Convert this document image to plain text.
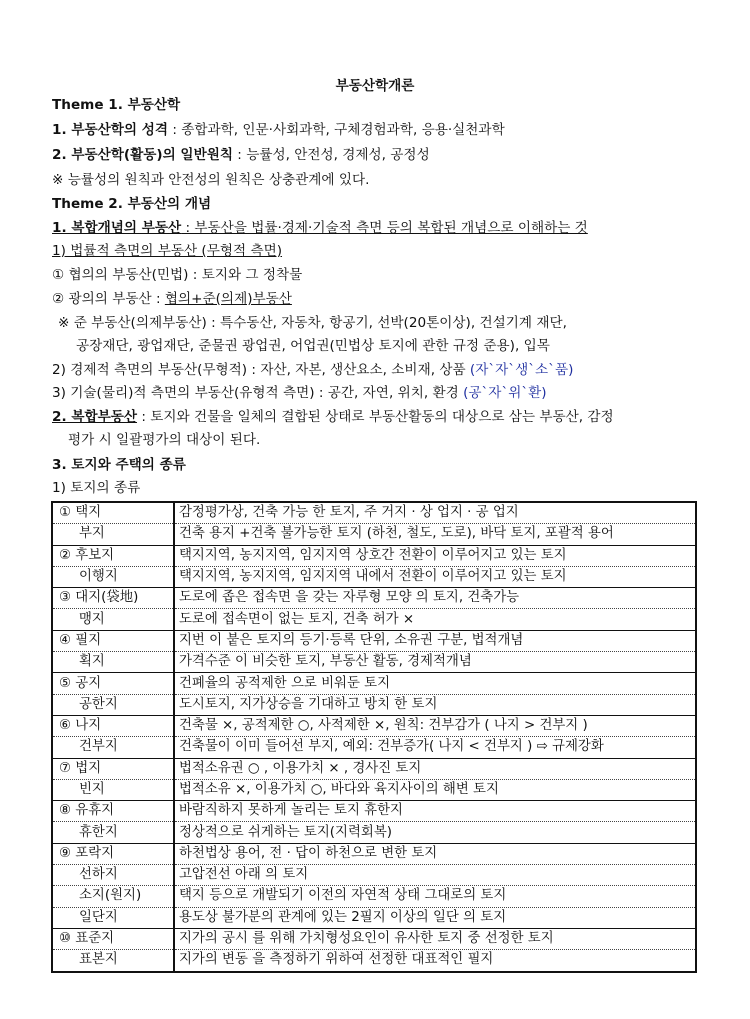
부동산학개론
Theme 1. 부동산학
1. 부동산학의 성격 : 종합과학, 인문·사회과학, 구체경험과학, 응용·실천과학
2. 부동산학(활동)의 일반원칙 : 능률성, 안전성, 경제성, 공정성
※ 능률성의 원칙과 안전성의 원칙은 상충관계에 있다.
Theme 2. 부동산의 개념
1. 복합개념의 부동산 : 부동산을 법률·경제·기술적 측면 등의 복합된 개념으로 이해하는 것
1) 법률적 측면의 부동산 (무형적 측면)
① 협의의 부동산(민법) : 토지와 그 정착물
② 광의의 부동산 : 협의+준(의제)부동산
※ 준 부동산(의제부동산) : 특수동산, 자동차, 항공기, 선박(20톤이상), 건설기계 재단,
공장재단, 광업재단, 준물권 광업권, 어업권(민법상 토지에 관한 규정 준용), 입목
2) 경제적 측면의 부동산(무형적) : 자산, 자본, 생산요소, 소비재, 상품 (자`자`생`소`품)
3) 기술(물리)적 측면의 부동산(유형적 측면) : 공간, 자연, 위치, 환경 (공`자`위`환)
2. 복합부동산 : 토지와 건물을 일체의 결합된 상태로 부동산활동의 대상으로 삼는 부동산, 감정
평가 시 일괄평가의 대상이 된다.
3. 토지와 주택의 종류
1) 토지의 종류
① 택지	감정평가상, 건축 가능 한 토지, 주 거지 · 상 업지 · 공 업지
부지	건축 용지 +건축 불가능한 토지 (하천, 철도, 도로), 바닥 토지, 포괄적 용어
② 후보지	택지지역, 농지지역, 임지지역 상호간 전환이 이루어지고 있는 토지
이행지	택지지역, 농지지역, 임지지역 내에서 전환이 이루어지고 있는 토지
③ 대지(袋地)	도로에 좁은 접속면 을 갖는 자루형 모양 의 토지, 건축가능
맹지	도로에 접속면이 없는 토지, 건축 허가 ×
④ 필지	지번 이 붙은 토지의 등기·등록 단위, 소유권 구분, 법적개념
획지	가격수준 이 비슷한 토지, 부동산 활동, 경제적개념
⑤ 공지	건폐율의 공적제한 으로 비워둔 토지
공한지	도시토지, 지가상승을 기대하고 방치 한 토지
⑥ 나지	건축물 ×, 공적제한 ○, 사적제한 ×, 원칙: 건부감가 ( 나지 > 건부지 )
건부지	건축물이 이미 들어선 부지, 예외: 건부증가( 나지 < 건부지 ) ⇨ 규제강화
⑦ 법지	법적소유권 ○ , 이용가치 × , 경사진 토지
빈지	법적소유 ×, 이용가치 ○, 바다와 육지사이의 해변 토지
⑧ 유휴지	바람직하지 못하게 놀리는 토지 휴한지
휴한지	정상적으로 쉬게하는 토지(지력회복)
⑨ 포락지	하천법상 용어, 전 · 답이 하천으로 변한 토지
선하지	고압전선 아래 의 토지
소지(원지)	택지 등으로 개발되기 이전의 자연적 상태 그대로의 토지
일단지	용도상 불가분의 관계에 있는 2필지 이상의 일단 의 토지
⑩ 표준지	지가의 공시 를 위해 가치형성요인이 유사한 토지 중 선정한 토지
표본지	지가의 변동 을 측정하기 위하여 선정한 대표적인 필지
